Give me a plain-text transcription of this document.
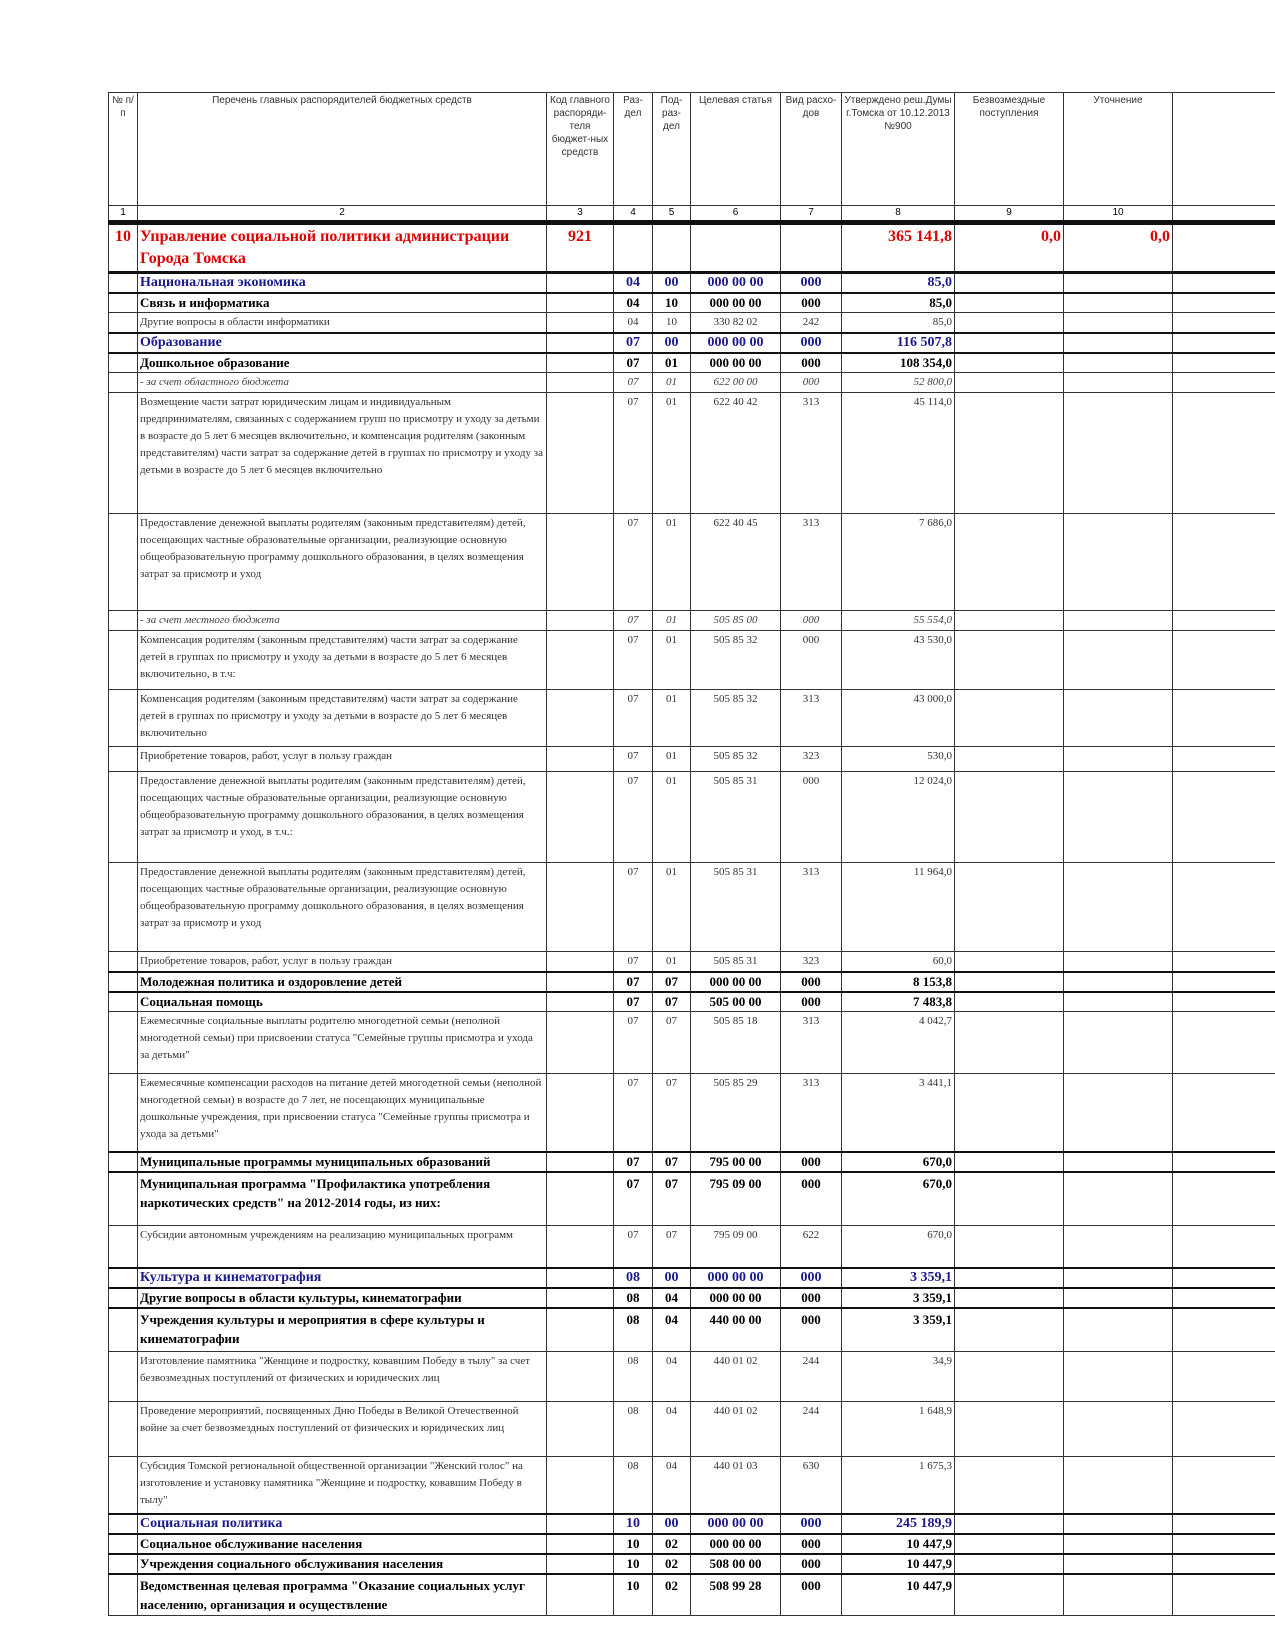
№ п/п	Перечень главных распорядителей бюджетных средств	Код главного распоряди-теля бюджет-ных средств	Раз-дел	Под-раз-дел	Целевая статья	Вид расхо-дов	Утверждено реш.Думы г.Томска от 10.12.2013 №900	Безвозмездные поступления	Уточнение	
1	2	3	4	5	6	7	8	9	10	
10	Управление социальной политики администрации Города Томска	921					365 141,8	0,0	0,0	
	Национальная экономика		04	00	000 00 00	000	85,0			
	Связь и информатика		04	10	000 00 00	000	85,0			
	Другие вопросы в области информатики		04	10	330 82 02	242	85,0			
	Образование		07	00	000 00 00	000	116 507,8			
	Дошкольное образование		07	01	000 00 00	000	108 354,0			
	- за счет областного бюджета		07	01	622 00 00	000	52 800,0			
	Возмещение части затрат юридическим лицам и индивидуальным предпринимателям, связанных с содержанием групп по присмотру и уходу за детьми в возрасте до 5 лет 6 месяцев включительно, и компенсация родителям (законным представителям) части затрат за содержание детей в группах по присмотру и уходу за детьми в возрасте до 5 лет 6 месяцев включительно		07	01	622 40 42	313	45 114,0			
	Предоставление денежной выплаты родителям (законным представителям) детей, посещающих частные образовательные организации, реализующие основную общеобразовательную программу дошкольного образования, в целях возмещения затрат за присмотр и уход		07	01	622 40 45	313	7 686,0			
	- за счет местного бюджета		07	01	505 85 00	000	55 554,0			
	Компенсация родителям (законным представителям) части затрат за содержание детей в группах по присмотру и уходу за детьми в возрасте до 5 лет 6 месяцев включительно, в т.ч:		07	01	505 85 32	000	43 530,0			
	Компенсация родителям (законным представителям) части затрат за содержание детей в группах по присмотру и уходу за детьми в возрасте до 5 лет 6 месяцев включительно		07	01	505 85 32	313	43 000,0			
	Приобретение товаров, работ, услуг в пользу граждан		07	01	505 85 32	323	530,0			
	Предоставление денежной выплаты родителям (законным представителям) детей, посещающих частные образовательные организации, реализующие основную общеобразовательную программу дошкольного образования, в целях возмещения затрат за присмотр и уход, в т.ч.:		07	01	505 85 31	000	12 024,0			
	Предоставление денежной выплаты родителям (законным представителям) детей, посещающих частные образовательные организации, реализующие основную общеобразовательную программу дошкольного образования, в целях возмещения затрат за присмотр и уход		07	01	505 85 31	313	11 964,0			
	Приобретение товаров, работ, услуг в пользу граждан		07	01	505 85 31	323	60,0			
	Молодежная политика и оздоровление детей		07	07	000 00 00	000	8 153,8			
	Социальная помощь		07	07	505 00 00	000	7 483,8			
	Ежемесячные социальные выплаты родителю многодетной семьи (неполной многодетной семьи) при присвоении статуса "Семейные группы присмотра и ухода за детьми"		07	07	505 85 18	313	4 042,7			
	Ежемесячные компенсации расходов на питание детей многодетной семьи (неполной многодетной семьи) в возрасте до 7 лет, не посещающих муниципальные дошкольные учреждения, при присвоении статуса "Семейные группы присмотра и ухода за детьми"		07	07	505 85 29	313	3 441,1			
	Муниципальные программы муниципальных образований		07	07	795 00 00	000	670,0			
	Муниципальная программа "Профилактика употребления наркотических средств" на 2012-2014 годы, из них:		07	07	795 09 00	000	670,0			
	Субсидии автономным учреждениям на реализацию муниципальных программ		07	07	795 09 00	622	670,0			
	Культура и кинематография		08	00	000 00 00	000	3 359,1			
	Другие вопросы в области культуры, кинематографии		08	04	000 00 00	000	3 359,1			
	Учреждения культуры и мероприятия в сфере культуры и кинематографии		08	04	440 00 00	000	3 359,1			
	Изготовление памятника "Женщине и подростку, ковавшим Победу в тылу" за счет безвозмездных поступлений от физических и юридических лиц		08	04	440 01 02	244	34,9			
	Проведение мероприятий, посвященных Дню Победы в Великой Отечественной войне за счет безвозмездных поступлений от физических и юридических лиц		08	04	440 01 02	244	1 648,9			
	Субсидия Томской региональной общественной организации "Женский голос" на изготовление и установку памятника "Женщине и подростку, ковавшим Победу в тылу"		08	04	440 01 03	630	1 675,3			
	Социальная политика		10	00	000 00 00	000	245 189,9			
	Социальное обслуживание населения		10	02	000 00 00	000	10 447,9			
	Учреждения социального обслуживания населения		10	02	508 00 00	000	10 447,9			
	Ведомственная целевая программа "Оказание социальных услуг населению, организация и осуществление		10	02	508 99 28	000	10 447,9			
